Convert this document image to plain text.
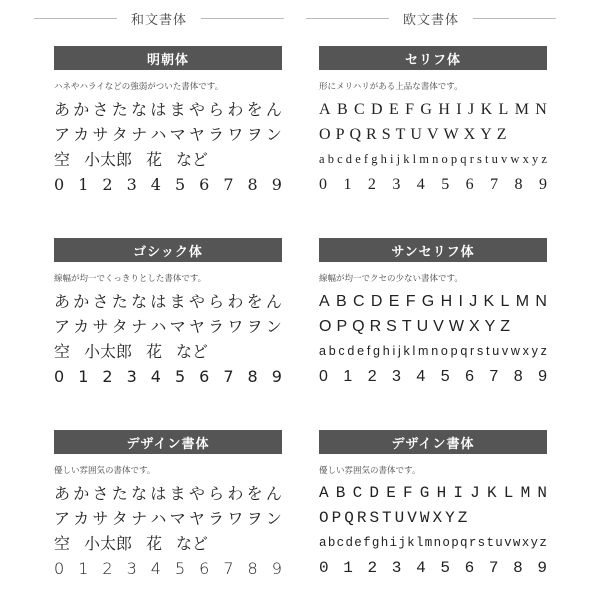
和文書体	欧文書体
明朝体
ハネやハライなどの強弱がついた書体です。
あ か さ た な は ま や ら わ を ん
ア カ サ タ ナ ハ マ ヤ ラ ワ ヲ ン
空 小太郎 花 など
0 1 2 3 4 5 6 7 8 9
セリフ体
形にメリハリがある上品な書体です。
A B C D E F G H I J K L M N
O P Q R S T U V W X Y Z
a b c d e f g h i j k l m n o p q r s t u v w x y z
0 1 2 3 4 5 6 7 8 9
ゴシック体
線幅が均一でくっきりとした書体です。
あ か さ た な は ま や ら わ を ん
ア カ サ タ ナ ハ マ ヤ ラ ワ ヲ ン
空 小太郎 花 など
0 1 2 3 4 5 6 7 8 9
サンセリフ体
線幅が均一でクセの少ない書体です。
A B C D E F G H I J K L M N
O P Q R S T U V W X Y Z
a b c d e f g h i j k l m n o p q r s t u v w x y z
0 1 2 3 4 5 6 7 8 9
デザイン書体
優しい雰囲気の書体です。
あ か さ た な は ま や ら わ を ん
ア カ サ タ ナ ハ マ ヤ ラ ワ ヲ ン
空 小太郎 花 など
0 1 2 3 4 5 6 7 8 9
デザイン書体
優しい雰囲気の書体です。
A B C D E F G H I J K L M N
O P Q R S T U V W X Y Z
a b c d e f g h i j k l m n o p q r s t u v w x y z
0 1 2 3 4 5 6 7 8 9
